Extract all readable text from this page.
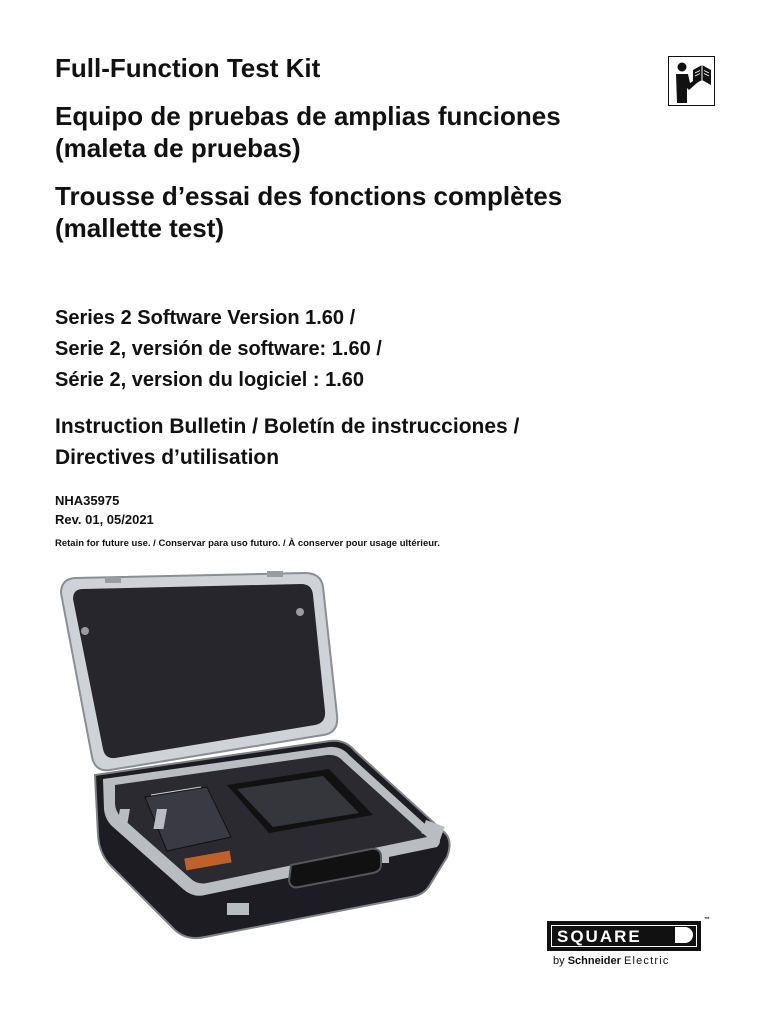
Full-Function Test Kit

Equipo de pruebas de amplias funciones
(maleta de pruebas)

Trousse d’essai des fonctions complètes
(mallette test)

Series 2 Software Version 1.60 /
Serie 2, versión de software: 1.60 /
Série 2, version du logiciel : 1.60
Instruction Bulletin / Boletín de instrucciones /
Directives d’utilisation
NHA35975
Rev. 01, 05/2021
Retain for future use. / Conservar para uso futuro. / À conserver pour usage ultérieur.
SQUARE
™
by Schneider Electric
